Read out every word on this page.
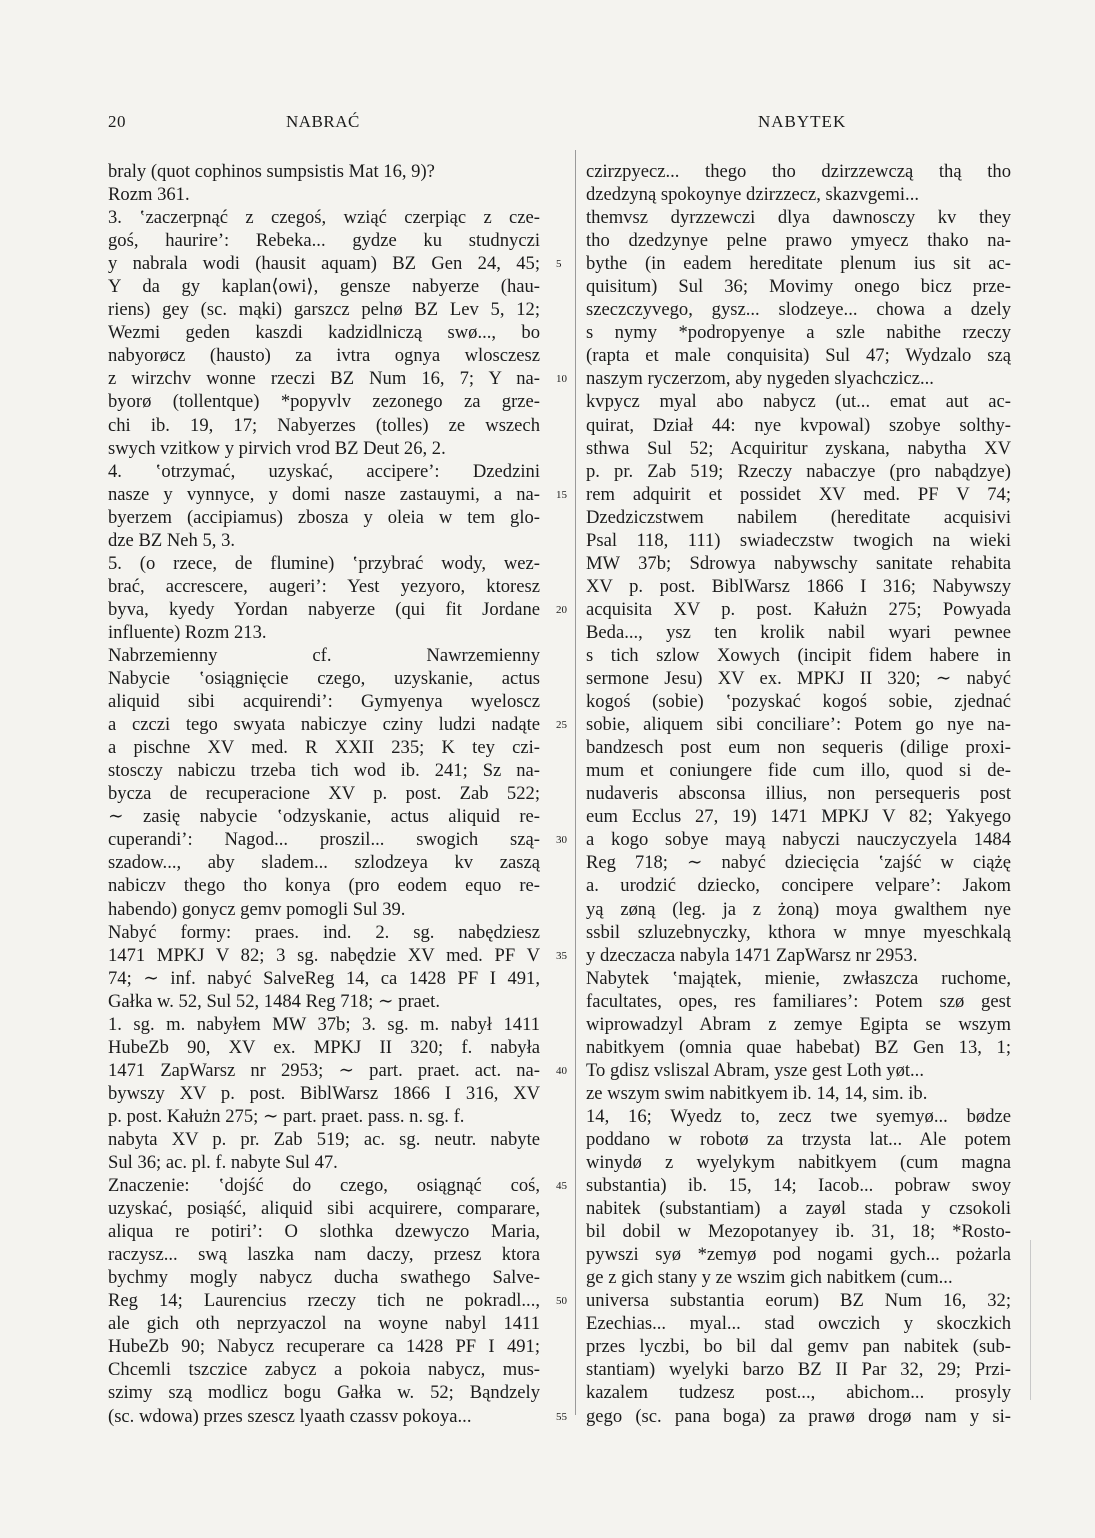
20	NABRAĆ	NABYTEK
braly (quot cophinos sumpsistis Mat 16, 9)?
Rozm 361.
3. ʽzaczerpnąć z czegoś, wziąć czerpiąc z cze-
goś, haurireʼ: Rebeka... gydze ku studnyczi
y nabrala wodi (hausit aquam) BZ Gen 24, 45;
Y da gy kaplan⟨owi⟩, gensze nabyerze (hau-
riens) gey (sc. mąki) garszcz pelnø BZ Lev 5, 12;
Wezmi geden kaszdi kadzidlniczą swø..., bo
nabyorøcz (hausto) za ivtra ognya wlosczesz
z wirzchv wonne rzeczi BZ Num 16, 7; Y na-
byorø (tollentque) *popyvlv zezonego za grze-
chi ib. 19, 17; Nabyerzes (tolles) ze wszech
swych vzitkow y pirvich vrod BZ Deut 26, 2.
4. ʽotrzymać, uzyskać, accipereʼ: Dzedzini
nasze y vynnyce, y domi nasze zastauymi, a na-
byerzem (accipiamus) zbosza y oleia w tem glo-
dze BZ Neh 5, 3.
5. (o rzece, de flumine) ʽprzybrać wody, wez-
brać, accrescere, augeriʼ: Yest yezyoro, ktoresz
byva, kyedy Yordan nabyerze (qui fit Jordane
influente) Rozm 213.
Nabrzemienny cf. Nawrzemienny
Nabycie ʽosiągnięcie czego, uzyskanie, actus
aliquid sibi acquirendiʼ: Gymyenya wyeloscz
a czczi tego swyata nabiczye cziny ludzi nadąte
a pischne XV med. R XXII 235; K tey czi-
stosczy nabiczu trzeba tich wod ib. 241; Sz na-
bycza de recuperacione XV p. post. Zab 522;
∼ zasię nabycie ʽodzyskanie, actus aliquid re-
cuperandiʼ: Nagod... proszil... swogich szą-
szadow..., aby sladem... szlodzeya kv zaszą
nabiczv thego tho konya (pro eodem equo re-
habendo) gonycz gemv pomogli Sul 39.
Nabyć formy: praes. ind. 2. sg. nabędziesz
1471 MPKJ V 82; 3 sg. nabędzie XV med. PF V
74; ∼ inf. nabyć SalveReg 14, ca 1428 PF I 491,
Gałka w. 52, Sul 52, 1484 Reg 718; ∼ praet.
1. sg. m. nabyłem MW 37b; 3. sg. m. nabył 1411
HubeZb 90, XV ex. MPKJ II 320; f. nabyła
1471 ZapWarsz nr 2953; ∼ part. praet. act. na-
bywszy XV p. post. BiblWarsz 1866 I 316, XV
p. post. Kałużn 275; ∼ part. praet. pass. n. sg. f.
nabyta XV p. pr. Zab 519; ac. sg. neutr. nabyte
Sul 36; ac. pl. f. nabyte Sul 47.
Znaczenie: ʽdojść do czego, osiągnąć coś,
uzyskać, posiąść, aliquid sibi acquirere, comparare,
aliqua re potiriʼ: O slothka dzewyczo Maria,
raczysz... swą laszka nam daczy, przesz ktora
bychmy mogly nabycz ducha swathego Salve-
Reg 14; Laurencius rzeczy tich ne pokradl...,
ale gich oth neprzyaczol na woyne nabyl 1411
HubeZb 90; Nabycz recuperare ca 1428 PF I 491;
Chcemli tszczice zabycz a pokoia nabycz, mus-
szimy szą modlicz bogu Gałka w. 52; Bąndzely
(sc. wdowa) przes szescz lyaath czassv pokoya...
5
10
15
20
25
30
35
40
45
50
55
czirzpyecz... thego tho dzirzzewczą thą tho
dzedzyną spokoynye dzirzzecz, skazvgemi...
themvsz dyrzzewczi dlya dawnosczy kv they
tho dzedzynye pelne prawo ymyecz thako na-
bythe (in eadem hereditate plenum ius sit ac-
quisitum) Sul 36; Movimy onego bicz prze-
szeczczyvego, gysz... slodzeye... chowa a dzely
s nymy *podropyenye a szle nabithe rzeczy
(rapta et male conquisita) Sul 47; Wydzalo szą
naszym ryczerzom, aby nygeden slyachczicz...
kvpycz myal abo nabycz (ut... emat aut ac-
quirat, Dział 44: nye kvpowal) szobye solthy-
sthwa Sul 52; Acquiritur zyskana, nabytha XV
p. pr. Zab 519; Rzeczy nabaczye (pro nabądzye)
rem adquirit et possidet XV med. PF V 74;
Dzedziczstwem nabilem (hereditate acquisivi
Psal 118, 111) swiadeczstw twogich na wieki
MW 37b; Sdrowya nabywschy sanitate rehabita
XV p. post. BiblWarsz 1866 I 316; Nabywszy
acquisita XV p. post. Kałużn 275; Powyada
Beda..., ysz ten krolik nabil wyari pewnee
s tich szlow Xowych (incipit fidem habere in
sermone Jesu) XV ex. MPKJ II 320; ∼ nabyć
kogoś (sobie) ʽpozyskać kogoś sobie, zjednać
sobie, aliquem sibi conciliareʼ: Potem go nye na-
bandzesch post eum non sequeris (dilige proxi-
mum et coniungere fide cum illo, quod si de-
nudaveris absconsa illius, non persequeris post
eum Ecclus 27, 19) 1471 MPKJ V 82; Yakyego
a kogo sobye mayą nabyczi nauczyczyela 1484
Reg 718; ∼ nabyć dziecięcia ʽzajść w ciążę
a. urodzić dziecko, concipere velpareʼ: Jakom
yą zøną (leg. ja z żoną) moya gwalthem nye
ssbil szluzebnyczky, kthora w mnye myeschkalą
y dzeczacza nabyla 1471 ZapWarsz nr 2953.
Nabytek ʽmajątek, mienie, zwłaszcza ruchome,
facultates, opes, res familiaresʼ: Potem szø gest
wiprowadzyl Abram z zemye Egipta se wszym
nabitkyem (omnia quae habebat) BZ Gen 13, 1;
To gdisz vsliszal Abram, ysze gest Loth yøt...
ze wszym swim nabitkyem ib. 14, 14, sim. ib.
14, 16; Wyedz to, zecz twe syemyø... bødze
poddano w robotø za trzysta lat... Ale potem
winydø z wyelykym nabitkyem (cum magna
substantia) ib. 15, 14; Iacob... pobraw swoy
nabitek (substantiam) a zayøl stada y czsokoli
bil dobil w Mezopotanyey ib. 31, 18; *Rosto-
pywszi syø *zemyø pod nogami gych... pożarla
ge z gich stany y ze wszim gich nabitkem (cum...
universa substantia eorum) BZ Num 16, 32;
Ezechias... myal... stad owczich y skoczkich
przes lyczbi, bo bil dal gemv pan nabitek (sub-
stantiam) wyelyki barzo BZ II Par 32, 29; Przi-
kazalem tudzesz post..., abichom... prosyly
gego (sc. pana boga) za prawø drogø nam y si-
